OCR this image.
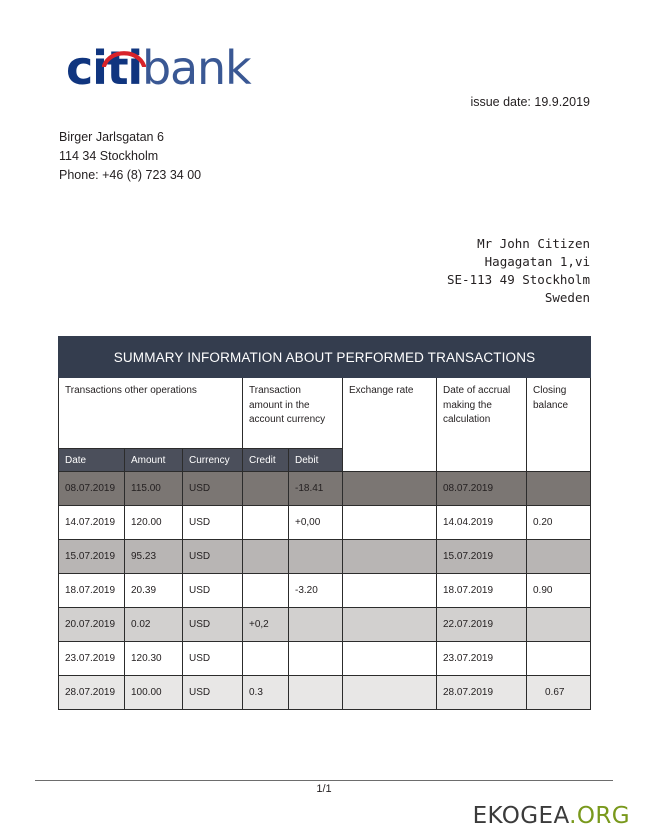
citibank
issue date: 19.9.2019
Birger Jarlsgatan 6
114 34 Stockholm
Phone: +46 (8) 723 34 00
Mr John Citizen
Hagagatan 1,vi
SE-113 49 Stockholm
Sweden
SUMMARY INFORMATION ABOUT PERFORMED TRANSACTIONS							
Transactions other operations			Transaction amount in the account currency		Exchange rate	Date of accrual making the calculation	Closing balance
Date	Amount	Currency	Credit	Debit			
08.07.2019	115.00	USD		-18.41		08.07.2019	
14.07.2019	120.00	USD		+0,00		14.04.2019	0.20
15.07.2019	95.23	USD				15.07.2019	
18.07.2019	20.39	USD		-3.20		18.07.2019	0.90
20.07.2019	0.02	USD	+0,2			22.07.2019	
23.07.2019	120.30	USD				23.07.2019	
28.07.2019	100.00	USD	0.3			28.07.2019	0.67
1/1
EKOGEA.ORG
